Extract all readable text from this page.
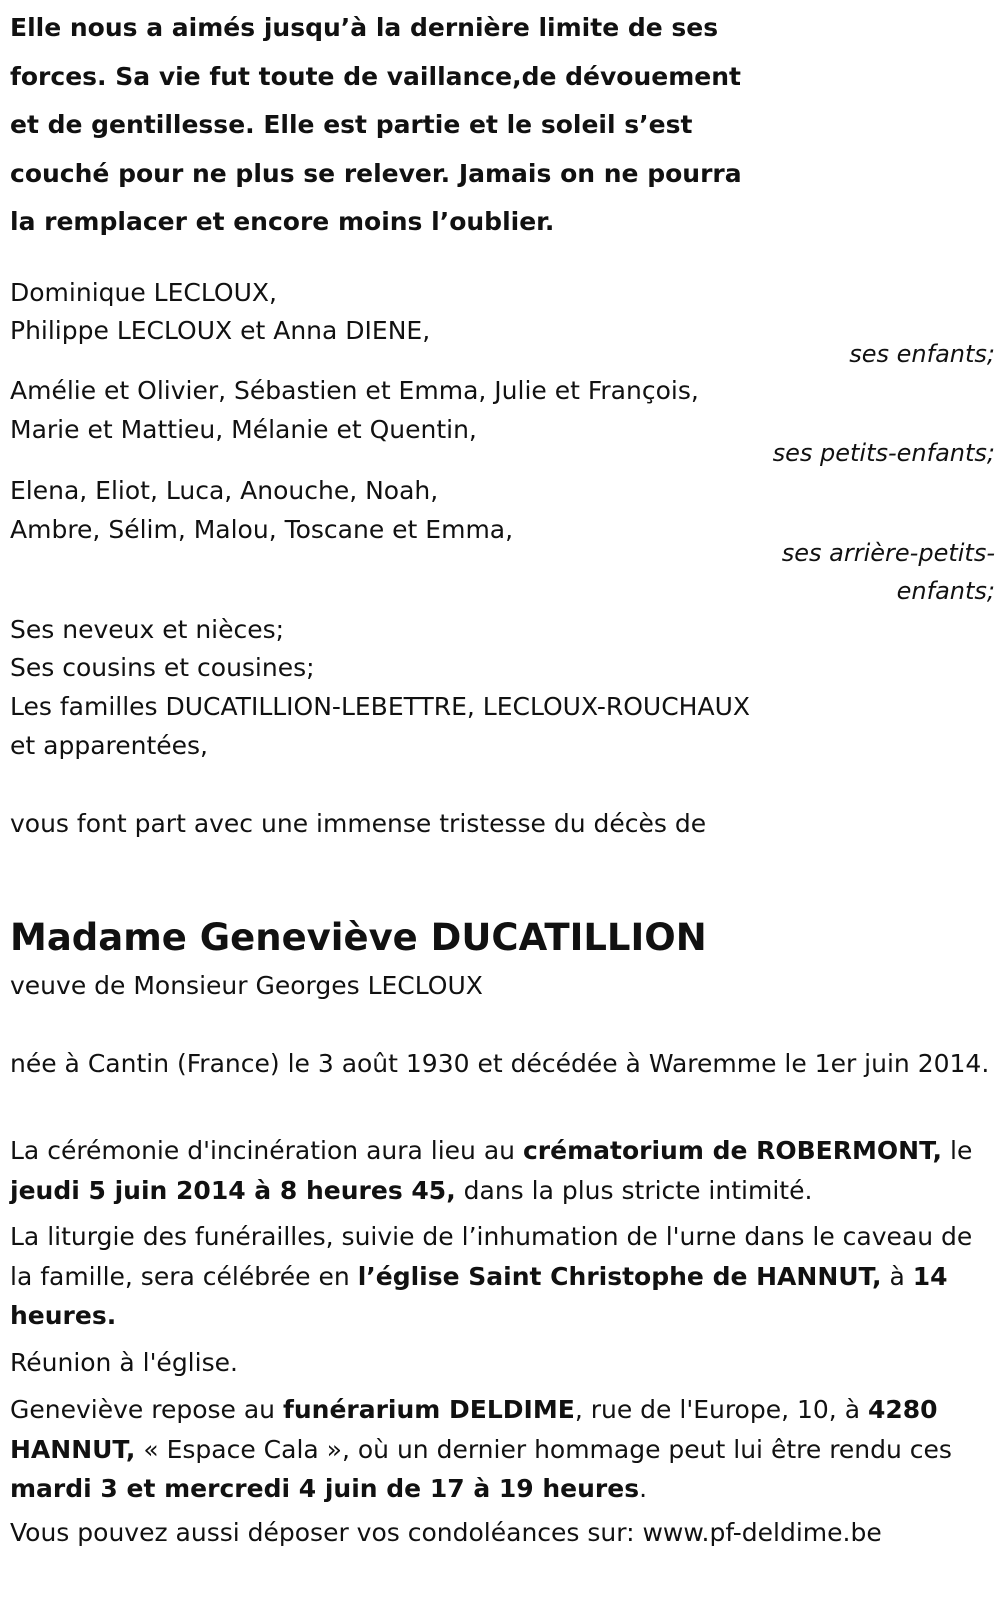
Elle nous a aimés jusqu’à la dernière limite de ses forces. Sa vie fut toute de vaillance,de dévouement et de gentillesse. Elle est partie et le soleil s’est couché pour ne plus se relever. Jamais on ne pourra la remplacer et encore moins l’oublier.
Dominique LECLOUX,
Philippe LECLOUX et Anna DIENE,
ses enfants;
Amélie et Olivier, Sébastien et Emma, Julie et François,
Marie et Mattieu, Mélanie et Quentin,
ses petits-enfants;
Elena, Eliot, Luca, Anouche, Noah,
Ambre, Sélim, Malou, Toscane et Emma,
ses arrière-petits-
enfants;
Ses neveux et nièces;
Ses cousins et cousines;
Les familles DUCATILLION-LEBETTRE, LECLOUX-ROUCHAUX
et apparentées,
vous font part avec une immense tristesse du décès de
Madame Geneviève DUCATILLION
veuve de Monsieur Georges LECLOUX
née à Cantin (France) le 3 août 1930 et décédée à Waremme le 1er juin 2014.
La cérémonie d'incinération aura lieu au crématorium de ROBERMONT, le jeudi 5 juin 2014 à 8 heures 45, dans la plus stricte intimité.
La liturgie des funérailles, suivie de l’inhumation de l'urne dans le caveau de la famille, sera célébrée en l’église Saint Christophe de HANNUT, à 14 heures.
Réunion à l'église.
Geneviève repose au funérarium DELDIME, rue de l'Europe, 10, à 4280 HANNUT, « Espace Cala », où un dernier hommage peut lui être rendu ces mardi 3 et mercredi 4 juin de 17 à 19 heures.
Vous pouvez aussi déposer vos condoléances sur: www.pf-deldime.be
